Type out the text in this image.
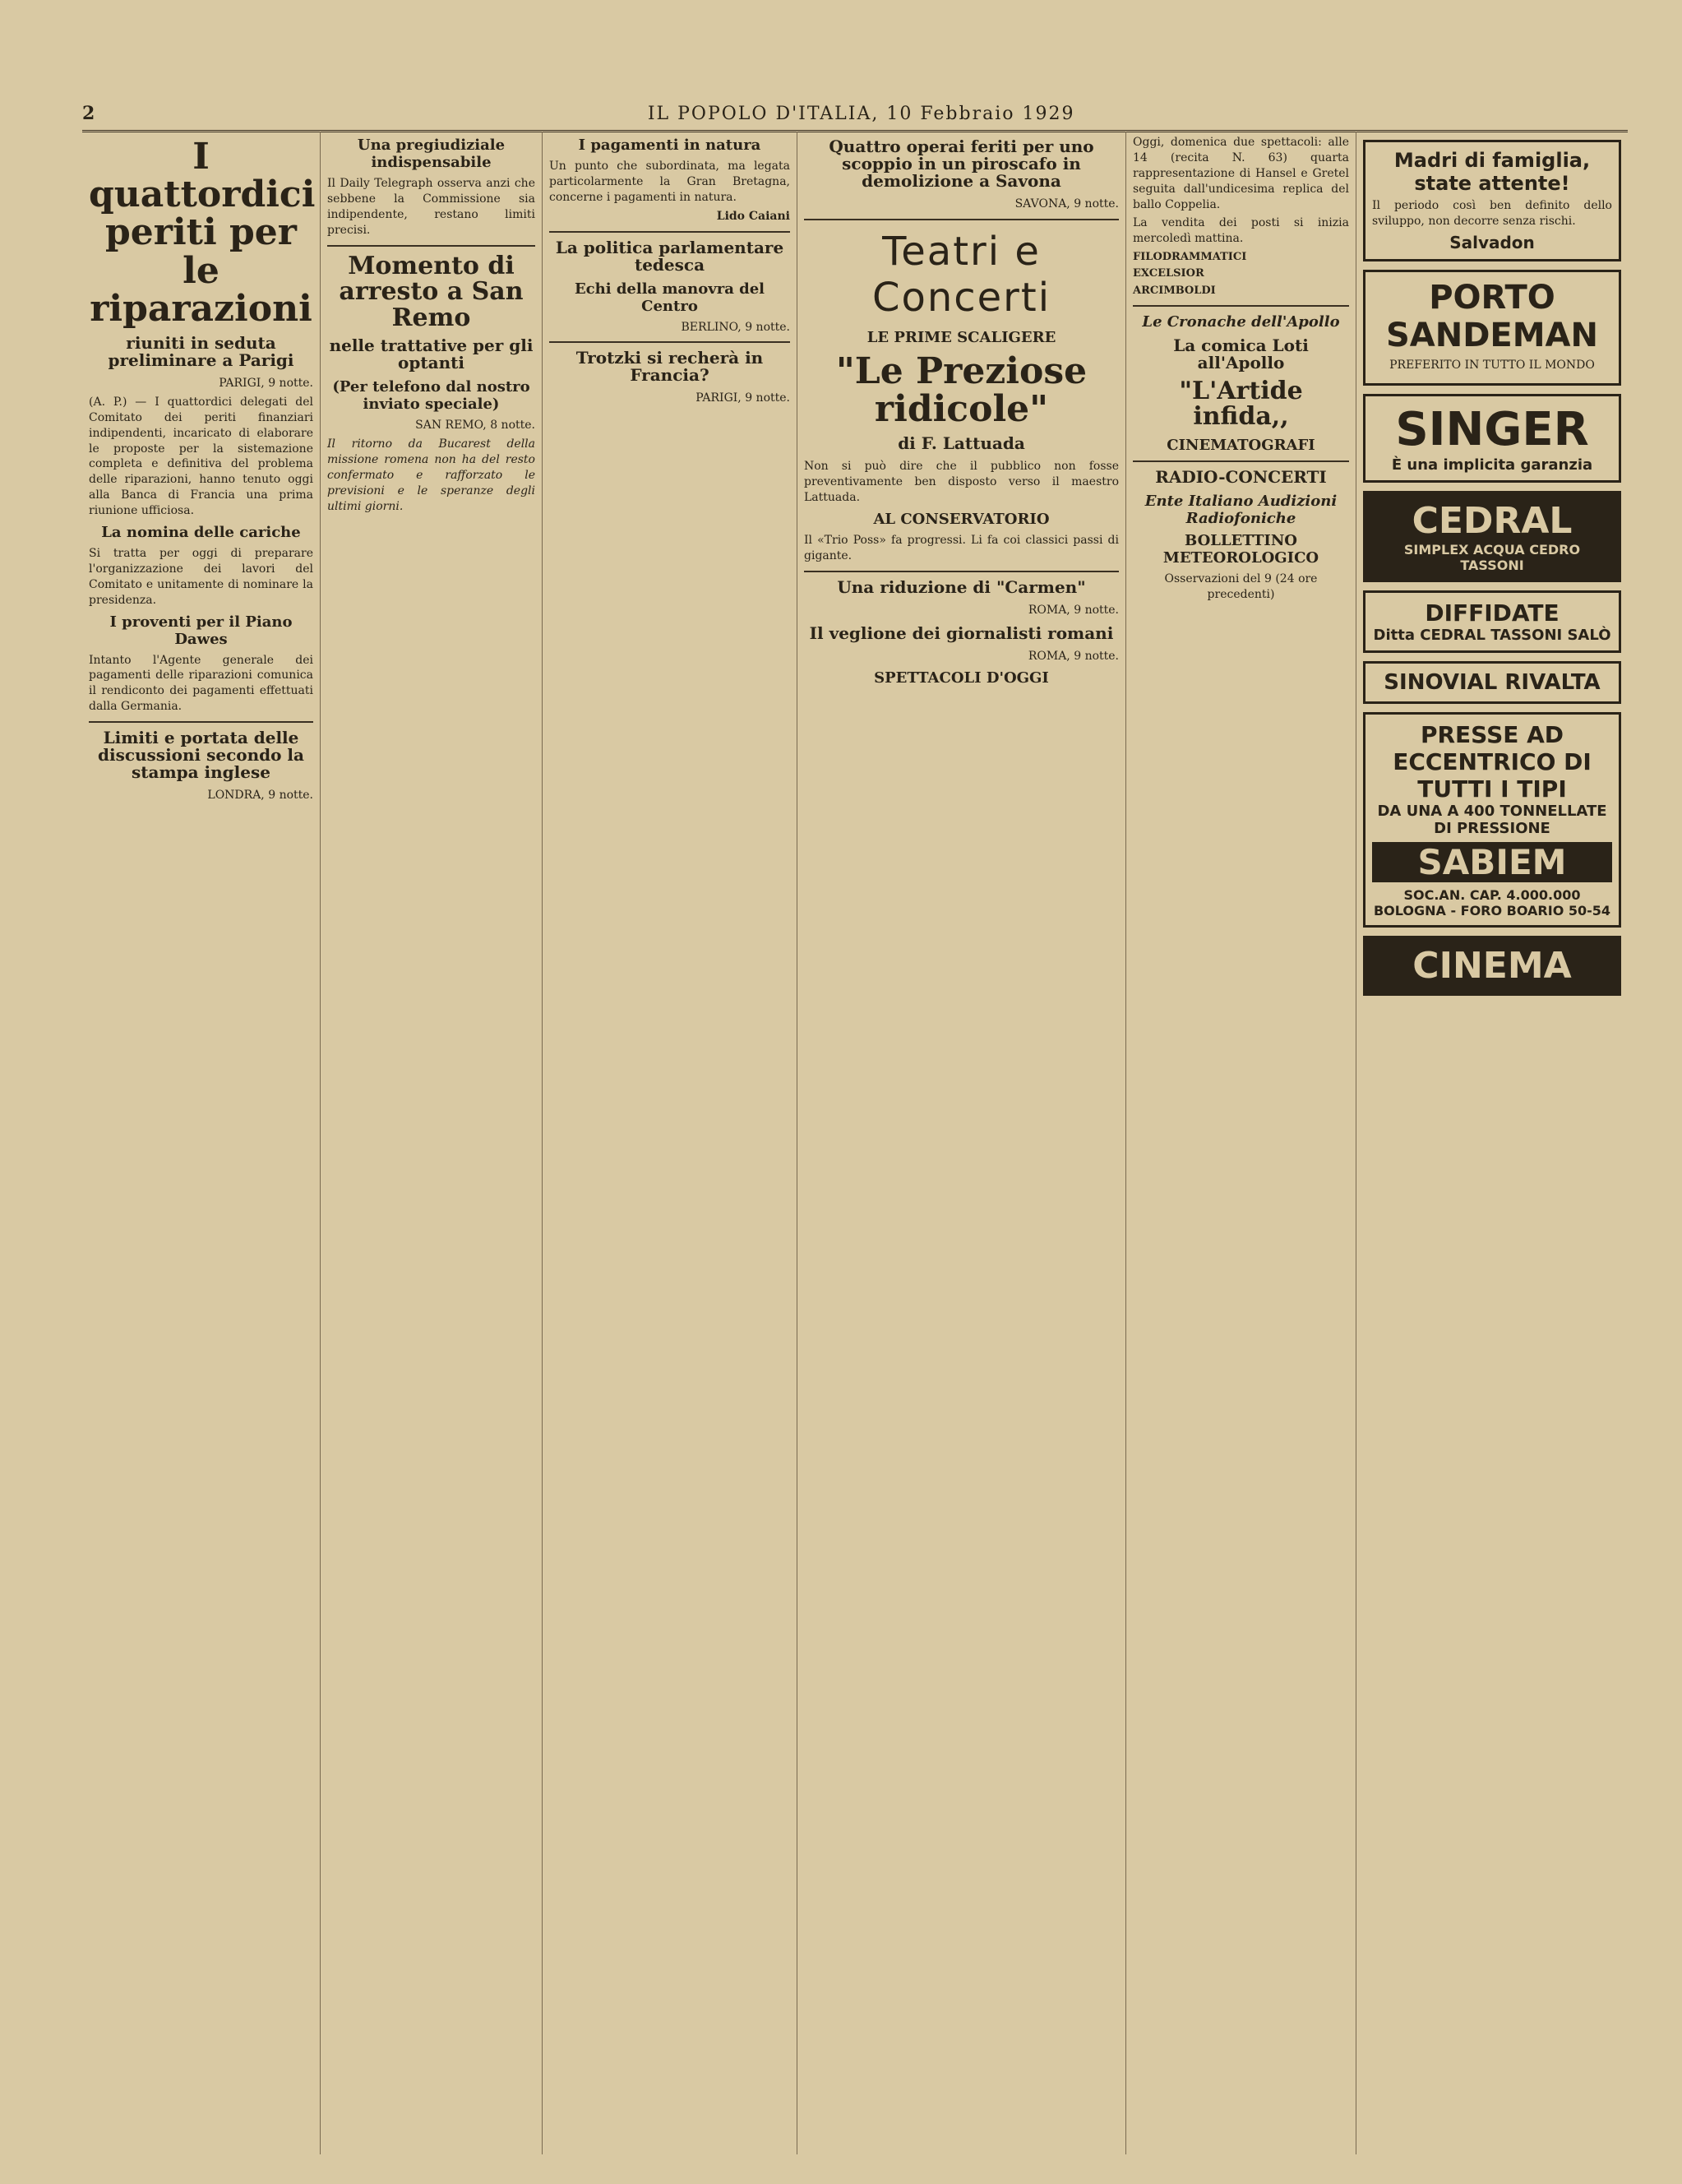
2	IL POPOLO D'ITALIA, 10 Febbraio 1929
I quattordici periti per le riparazioni
riuniti in seduta preliminare a Parigi
PARIGI, 9 notte.
(A. P.) — I quattordici delegati del Comitato dei periti finanziari indipendenti, incaricato di elaborare le proposte per la sistemazione completa e definitiva del problema delle riparazioni, hanno tenuto oggi alla Banca di Francia una prima riunione ufficiosa.
La nomina delle cariche
Si tratta per oggi di preparare l'organizzazione dei lavori del Comitato e unitamente di nominare la presidenza.
I proventi per il Piano Dawes
Intanto l'Agente generale dei pagamenti delle riparazioni comunica il rendiconto dei pagamenti effettuati dalla Germania.
Limiti e portata delle discussioni secondo la stampa inglese
LONDRA, 9 notte.
Una pregiudiziale indispensabile
Il Daily Telegraph osserva anzi che sebbene la Commissione sia indipendente, restano limiti precisi.
Momento di arresto a San Remo
nelle trattative per gli optanti
(Per telefono dal nostro inviato speciale)
SAN REMO, 8 notte.
Il ritorno da Bucarest della missione romena non ha del resto confermato e rafforzato le previsioni e le speranze degli ultimi giorni.
I pagamenti in natura
Un punto che subordinata, ma legata particolarmente la Gran Bretagna, concerne i pagamenti in natura.
Lido Caiani
La politica parlamentare tedesca
Echi della manovra del Centro
BERLINO, 9 notte.
Trotzki si recherà in Francia?
PARIGI, 9 notte.
Quattro operai feriti per uno scoppio in un piroscafo in demolizione a Savona
SAVONA, 9 notte.
Teatri e Concerti
LE PRIME SCALIGERE
"Le Preziose ridicole"
di F. Lattuada
Non si può dire che il pubblico non fosse preventivamente ben disposto verso il maestro Lattuada.
AL CONSERVATORIO
Il «Trio Poss» fa progressi. Li fa coi classici passi di gigante.
Una riduzione di "Carmen"
ROMA, 9 notte.
Il veglione dei giornalisti romani
ROMA, 9 notte.
SPETTACOLI D'OGGI
Oggi, domenica due spettacoli: alle 14 (recita N. 63) quarta rappresentazione di Hansel e Gretel seguita dall'undicesima replica del ballo Coppelia.
La vendita dei posti si inizia mercoledì mattina.
FILODRAMMATICI
EXCELSIOR
ARCIMBOLDI
Le Cronache dell'Apollo
La comica Loti all'Apollo
"L'Artide infida,,
CINEMATOGRAFI
RADIO-CONCERTI
Ente Italiano Audizioni Radiofoniche
BOLLETTINO METEOROLOGICO
Osservazioni del 9 (24 ore precedenti)
Madri di famiglia, state attente!
Il periodo così ben definito dello sviluppo, non decorre senza rischi.
Salvadon
PORTO SANDEMAN
PREFERITO IN TUTTO IL MONDO
SINGER
È una implicita garanzia
CEDRAL
SIMPLEX ACQUA CEDRO TASSONI
DIFFIDATE
Ditta CEDRAL TASSONI SALÒ
SINOVIAL RIVALTA
PRESSE AD ECCENTRICO DI TUTTI I TIPI
DA UNA A 400 TONNELLATE DI PRESSIONE
SABIEM
SOC.AN. CAP. 4.000.000 BOLOGNA - FORO BOARIO 50-54
CINEMA
